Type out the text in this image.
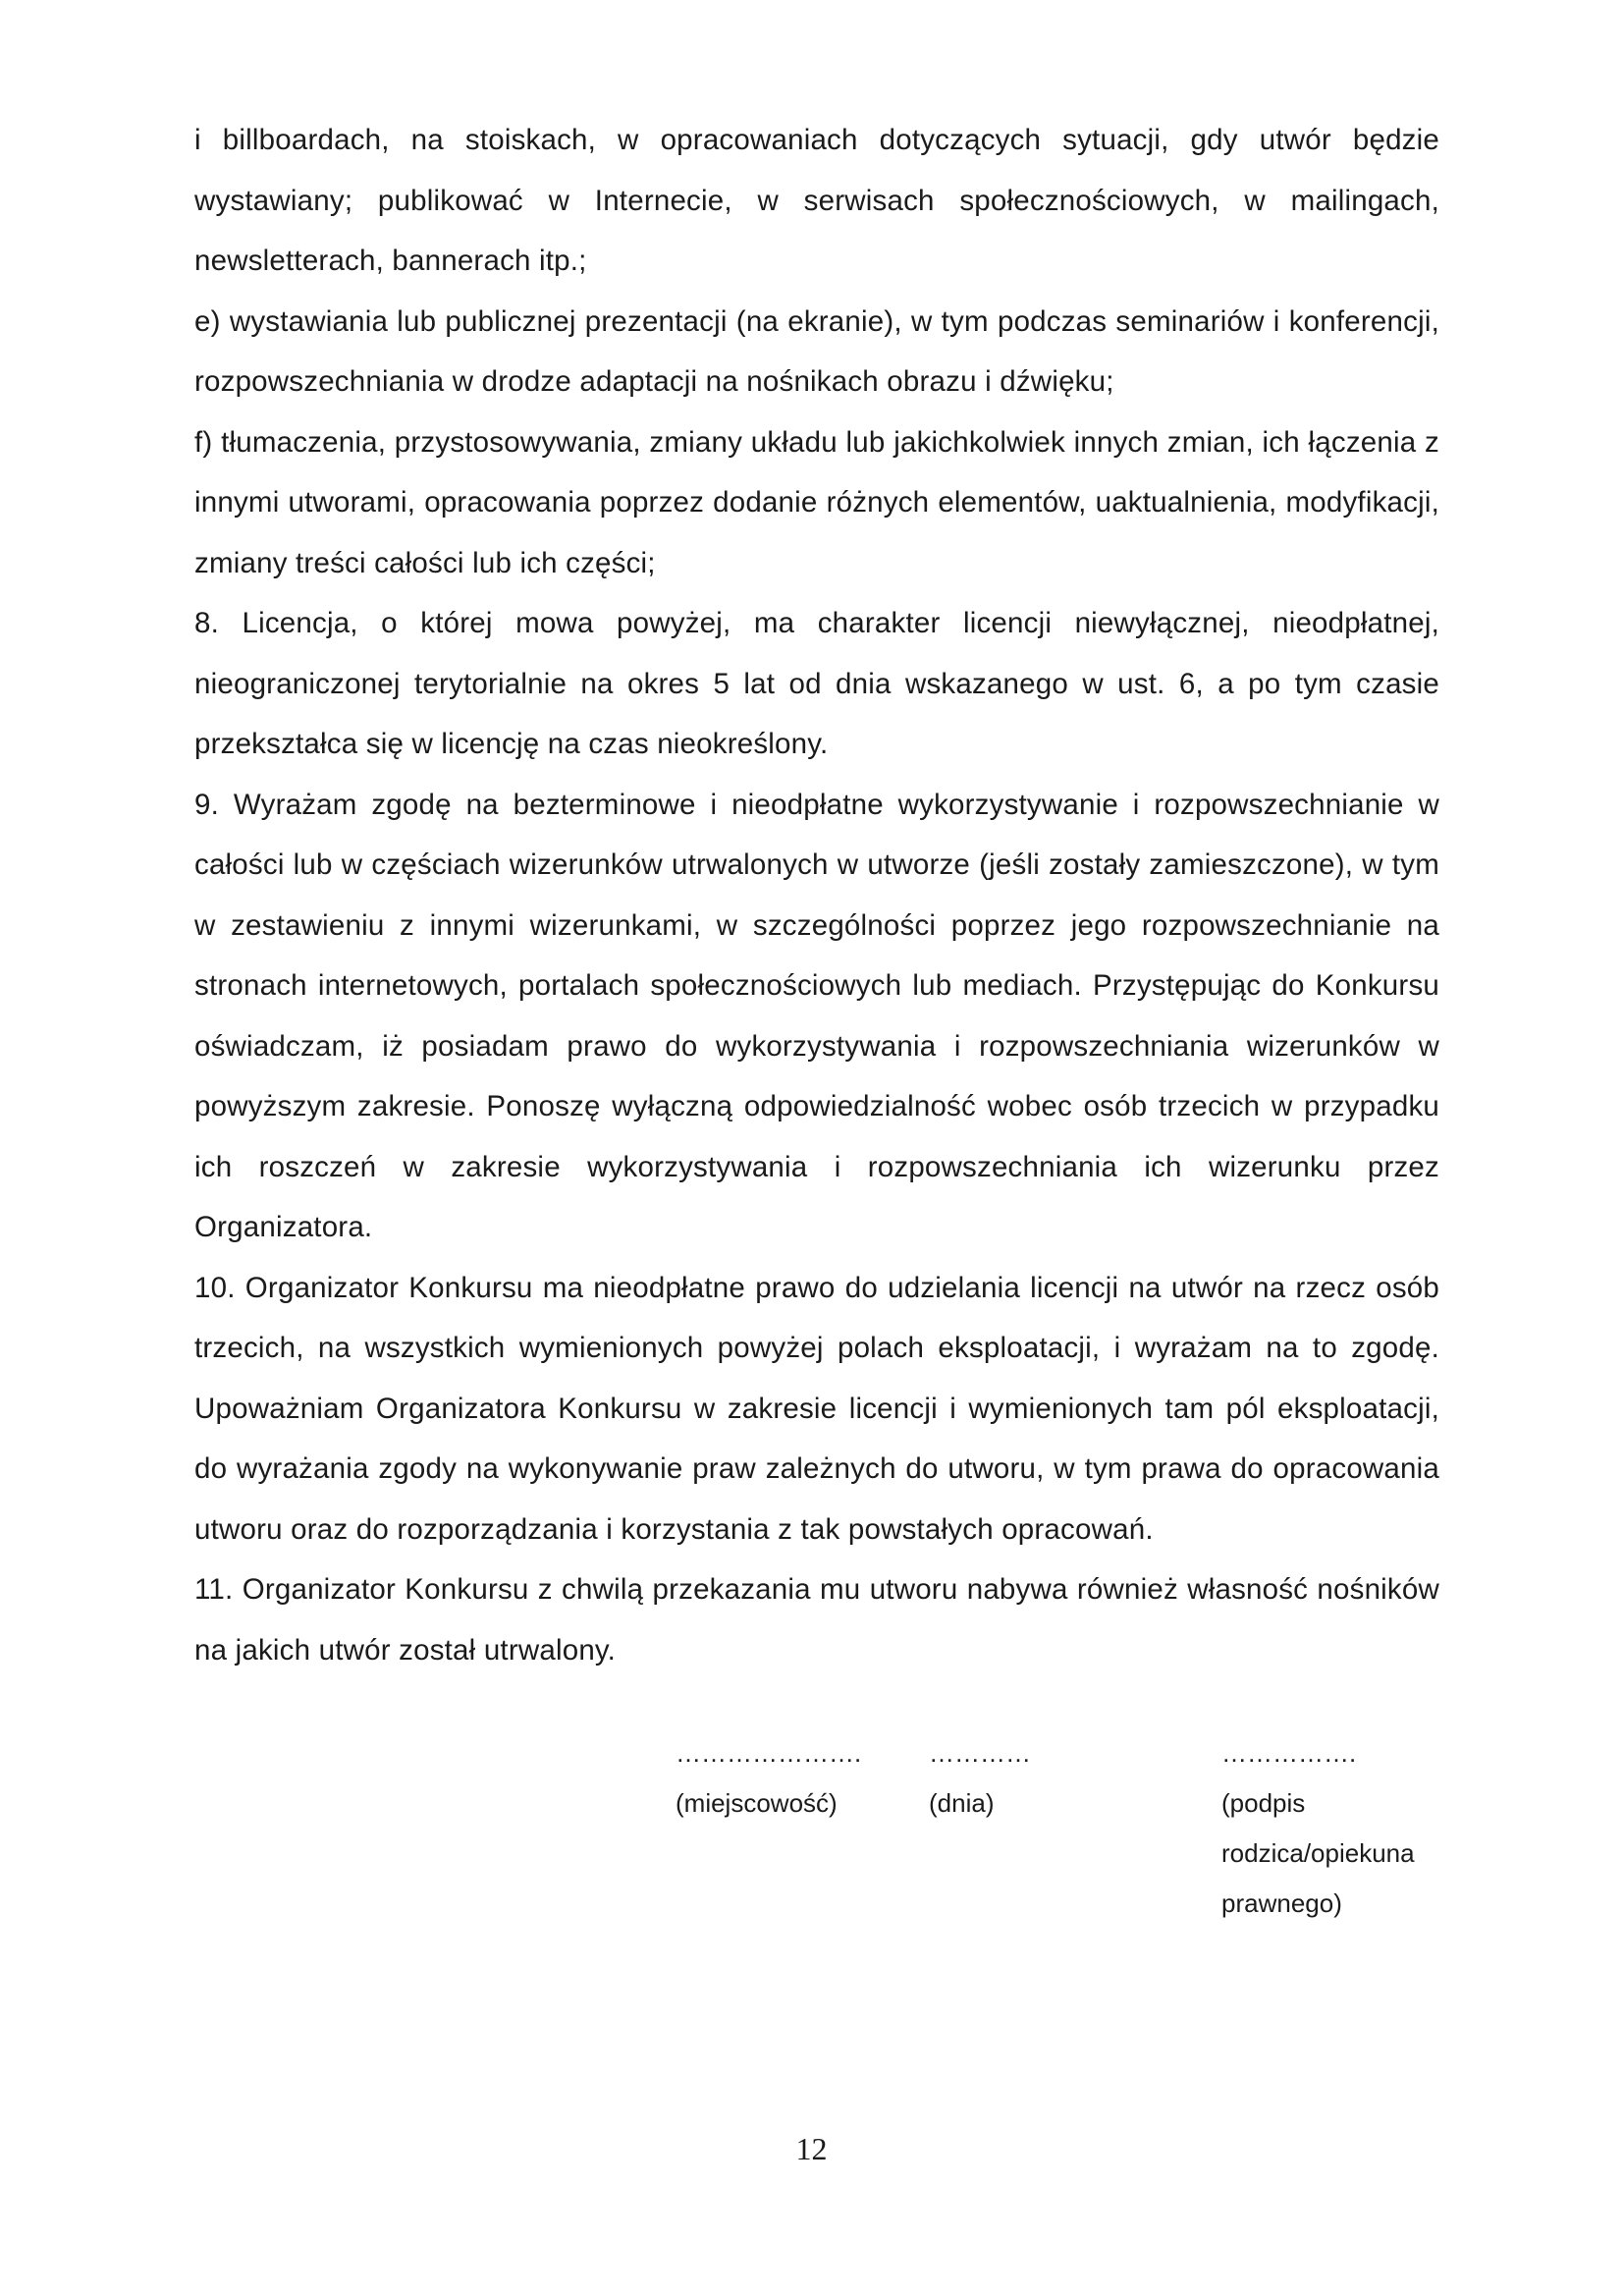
i billboardach, na stoiskach, w opracowaniach dotyczących sytuacji, gdy utwór będzie wystawiany; publikować w Internecie, w serwisach społecznościowych, w mailingach, newsletterach, bannerach itp.;

e) wystawiania lub publicznej prezentacji (na ekranie), w tym podczas seminariów i konferencji, rozpowszechniania w drodze adaptacji na nośnikach obrazu i dźwięku;

f) tłumaczenia, przystosowywania, zmiany układu lub jakichkolwiek innych zmian, ich łączenia z innymi utworami, opracowania poprzez dodanie różnych elementów, uaktualnienia, modyfikacji, zmiany treści całości lub ich części;

8. Licencja, o której mowa powyżej, ma charakter licencji niewyłącznej, nieodpłatnej, nieograniczonej terytorialnie na okres 5 lat od dnia wskazanego w ust. 6, a po tym czasie przekształca się w licencję na czas nieokreślony.

9. Wyrażam zgodę na bezterminowe i nieodpłatne wykorzystywanie i rozpowszechnianie w całości lub w częściach wizerunków utrwalonych w utworze (jeśli zostały zamieszczone), w tym w zestawieniu z innymi wizerunkami, w szczególności poprzez jego rozpowszechnianie na stronach internetowych, portalach społecznościowych lub mediach. Przystępując do Konkursu oświadczam, iż posiadam prawo do wykorzystywania i rozpowszechniania wizerunków w powyższym zakresie. Ponoszę wyłączną odpowiedzialność wobec osób trzecich w przypadku ich roszczeń w zakresie wykorzystywania i rozpowszechniania ich wizerunku przez Organizatora.

10. Organizator Konkursu ma nieodpłatne prawo do udzielania licencji na utwór na rzecz osób trzecich, na wszystkich wymienionych powyżej polach eksploatacji, i wyrażam na to zgodę. Upoważniam Organizatora Konkursu w zakresie licencji i wymienionych tam pól eksploatacji, do wyrażania zgody na wykonywanie praw zależnych do utworu, w tym prawa do opracowania utworu oraz do rozporządzania i korzystania z tak powstałych opracowań.

11. Organizator Konkursu z chwilą przekazania mu utworu nabywa również własność nośników na jakich utwór został utrwalony.

………………….
(miejscowość)
…………
(dnia)
…………….
(podpis
rodzica/opiekuna
prawnego)
12
